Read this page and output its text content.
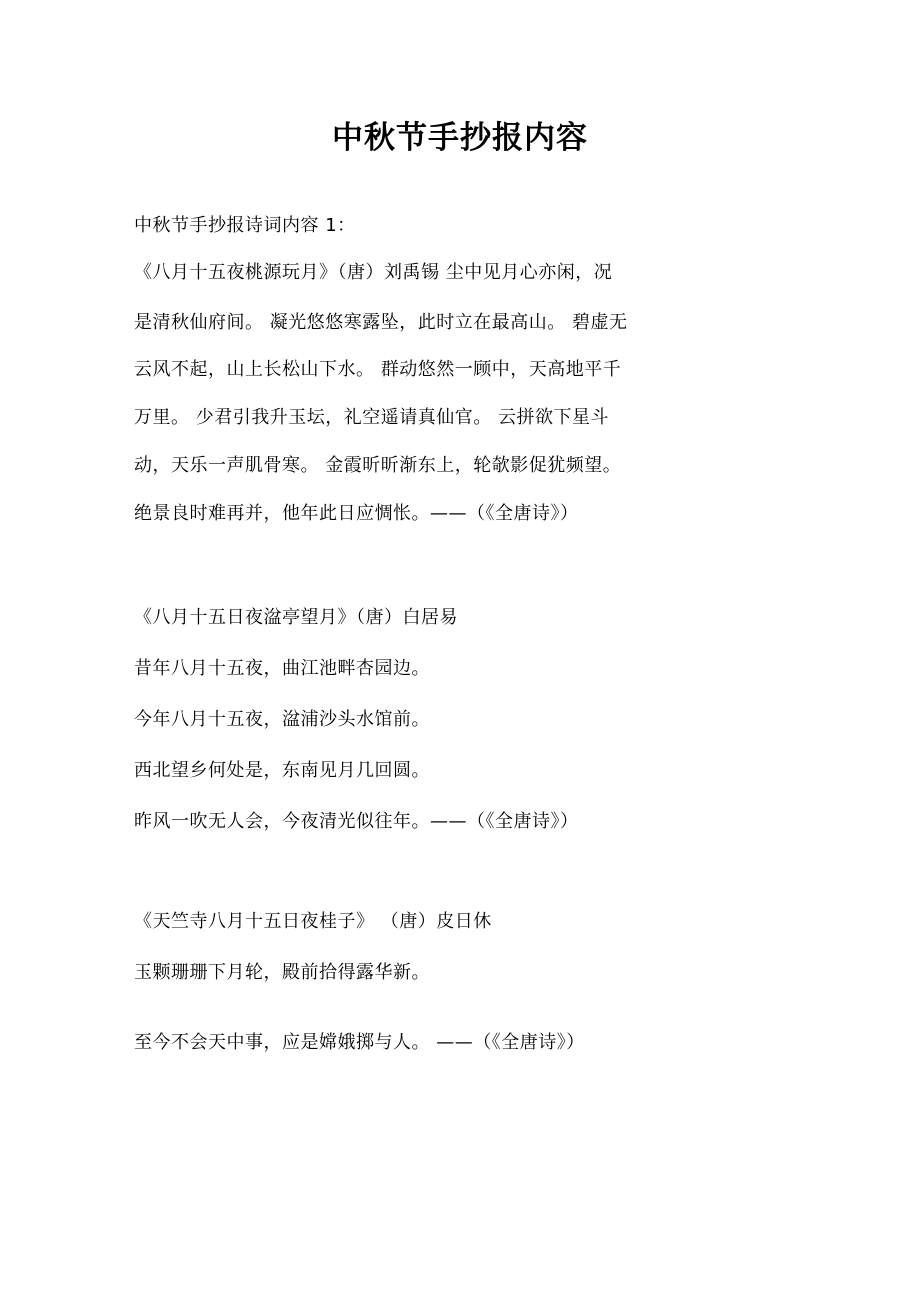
中秋节手抄报内容
中秋节手抄报诗词内容 1：
《八月十五夜桃源玩月》（唐）刘禹锡 尘中见月心亦闲，况
是清秋仙府间。 凝光悠悠寒露坠，此时立在最高山。 碧虚无
云风不起，山上长松山下水。 群动悠然一顾中，天高地平千
万里。 少君引我升玉坛，礼空遥请真仙官。 云拼欲下星斗
动，天乐一声肌骨寒。 金霞昕昕渐东上，轮欹影促犹频望。
绝景良时难再并，他年此日应惆怅。——（《全唐诗》）
《八月十五日夜湓亭望月》（唐）白居易
昔年八月十五夜，曲江池畔杏园边。
今年八月十五夜，湓浦沙头水馆前。
西北望乡何处是，东南见月几回圆。
昨风一吹无人会，今夜清光似往年。——（《全唐诗》）
《天竺寺八月十五日夜桂子》 （唐）皮日休
玉颗珊珊下月轮，殿前拾得露华新。
至今不会天中事，应是嫦娥掷与人。 ——（《全唐诗》）
